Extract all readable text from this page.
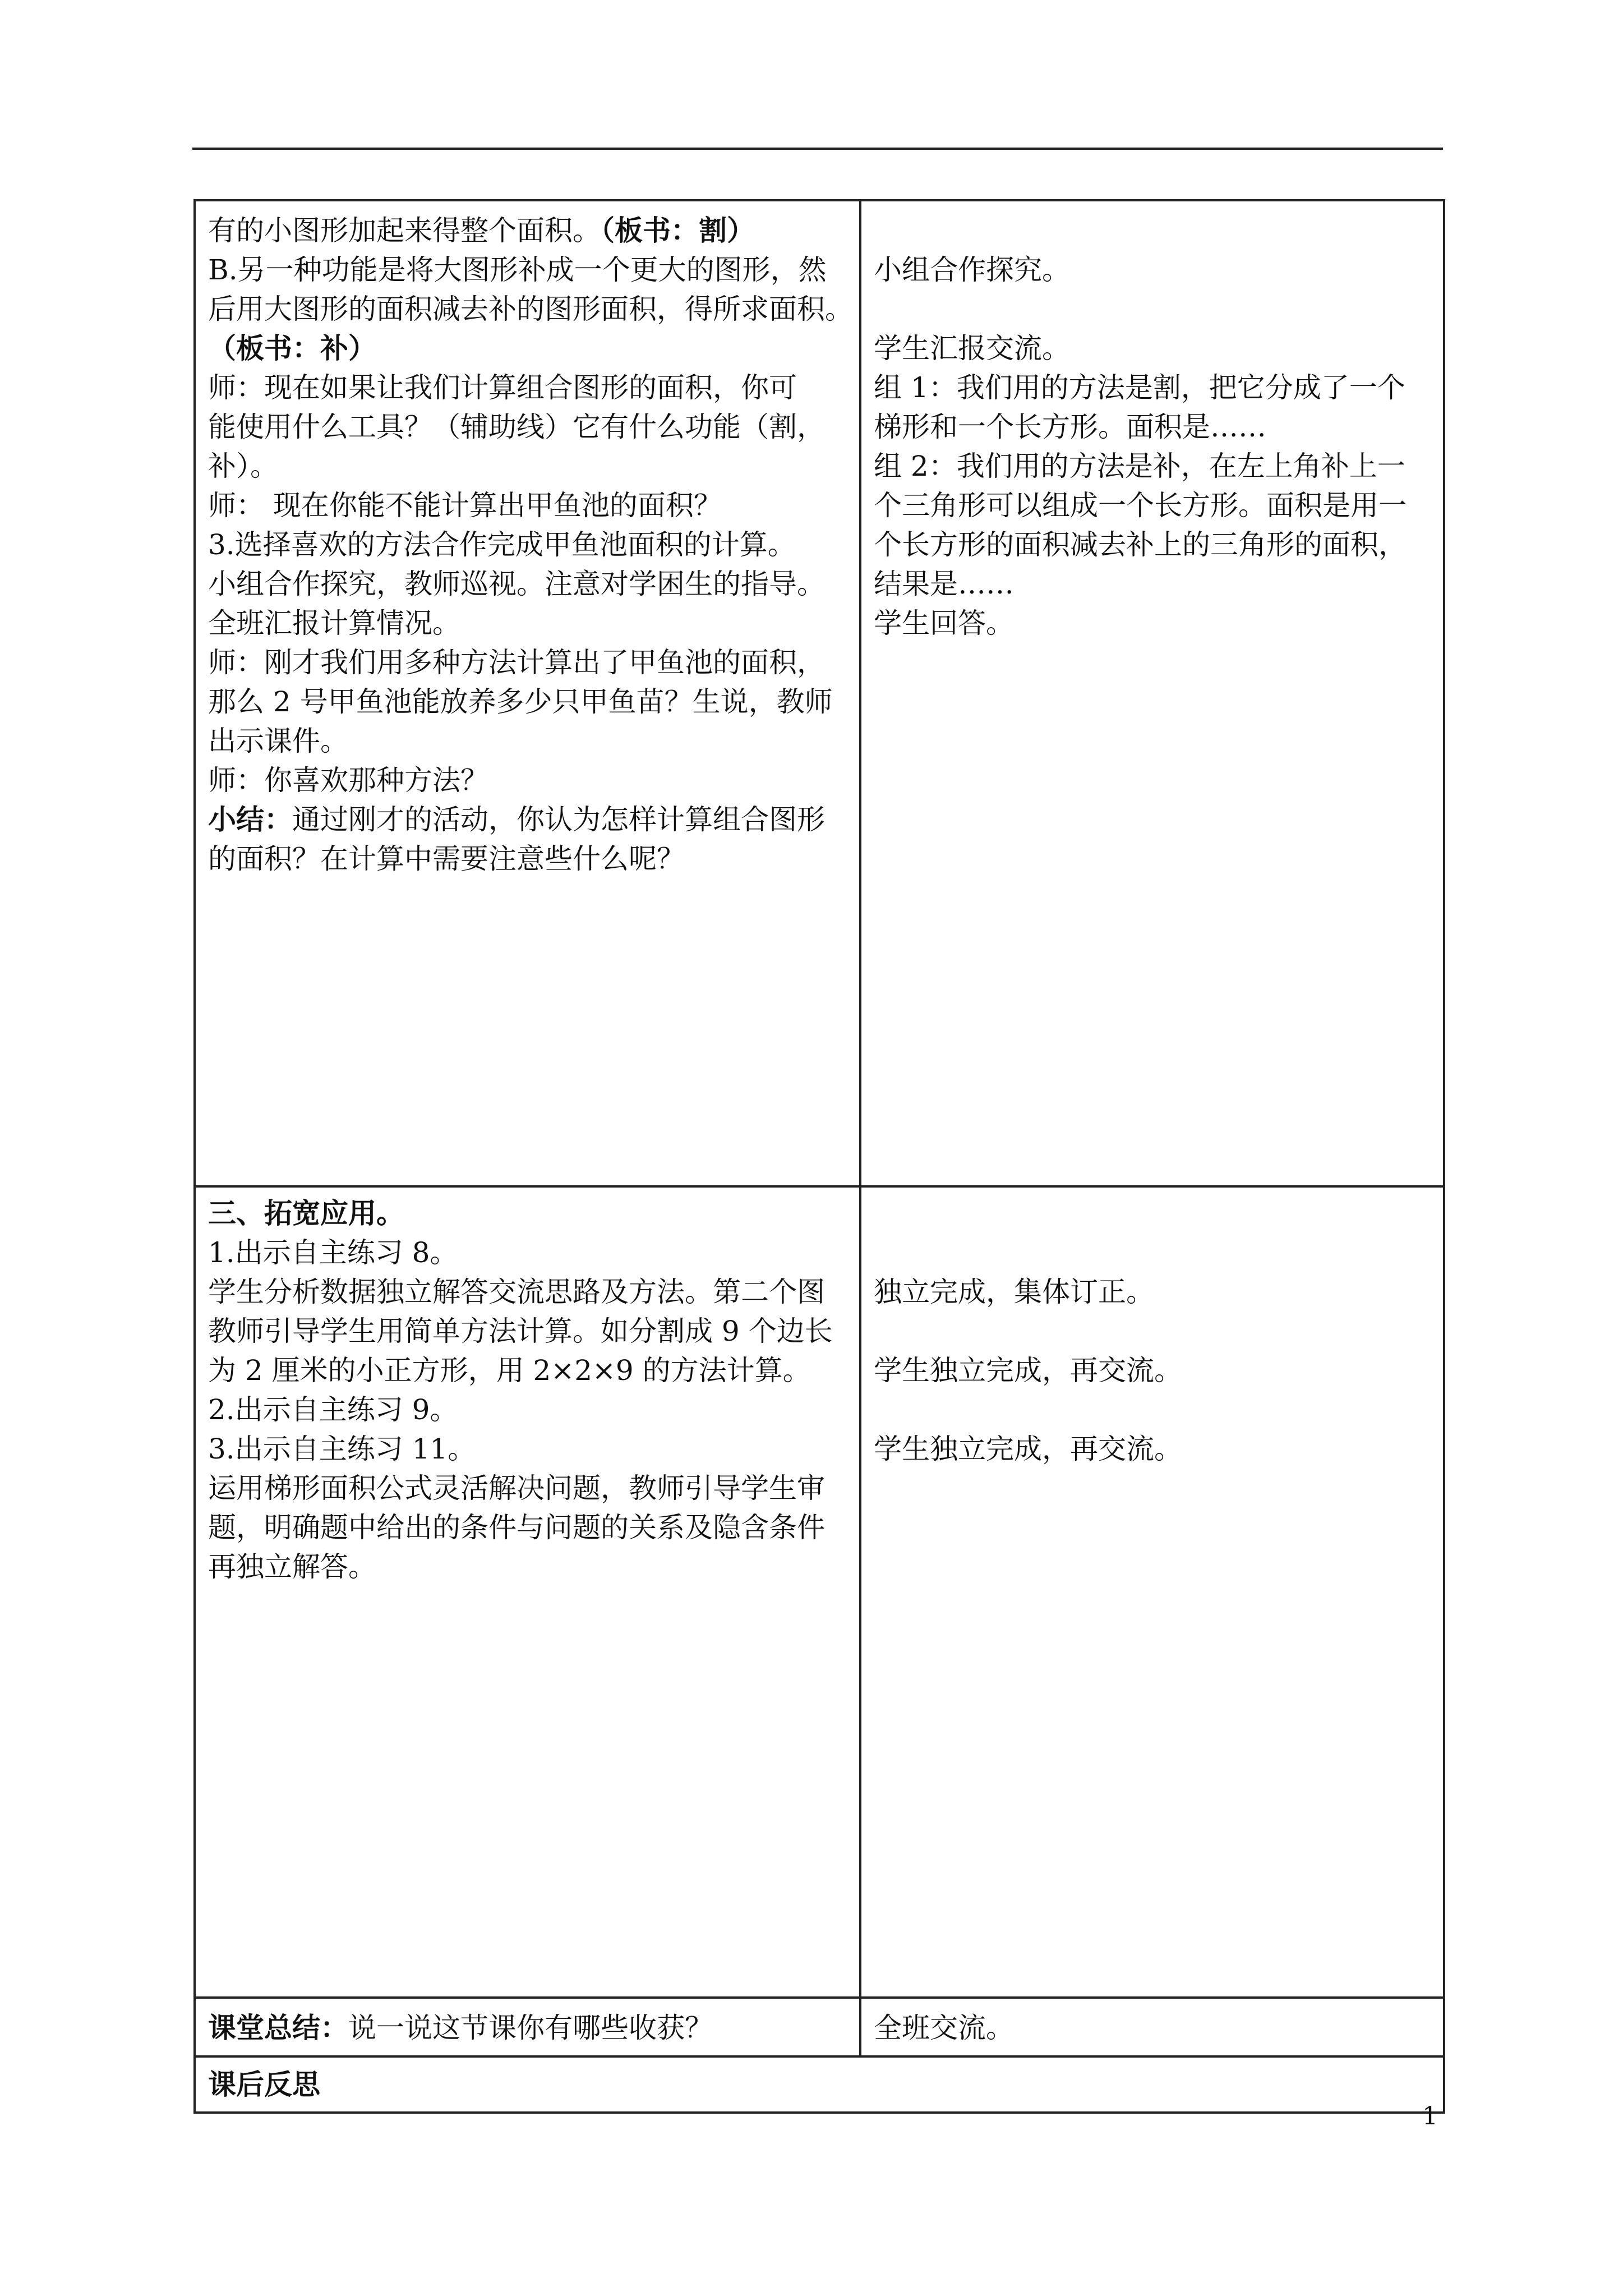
有的小图形加起来得整个面积。（板书：割）
B.另一种功能是将大图形补成一个更大的图形，然
后用大图形的面积减去补的图形面积，得所求面积。
（板书：补）
师：现在如果让我们计算组合图形的面积，你可
能使用什么工具？（辅助线）它有什么功能（割，
补）。
师： 现在你能不能计算出甲鱼池的面积？
3.选择喜欢的方法合作完成甲鱼池面积的计算。
小组合作探究，教师巡视。注意对学困生的指导。
全班汇报计算情况。
师：刚才我们用多种方法计算出了甲鱼池的面积，
那么 2 号甲鱼池能放养多少只甲鱼苗？生说，教师
出示课件。
师：你喜欢那种方法？
小结：通过刚才的活动，你认为怎样计算组合图形
的面积？在计算中需要注意些什么呢？
小组合作探究。
学生汇报交流。
组 1：我们用的方法是割，把它分成了一个
梯形和一个长方形。面积是……
组 2：我们用的方法是补，在左上角补上一
个三角形可以组成一个长方形。面积是用一
个长方形的面积减去补上的三角形的面积，
结果是……
学生回答。
三、拓宽应用。
1.出示自主练习 8。
学生分析数据独立解答交流思路及方法。第二个图
教师引导学生用简单方法计算。如分割成 9 个边长
为 2 厘米的小正方形，用 2×2×9 的方法计算。
2.出示自主练习 9。
3.出示自主练习 11。
运用梯形面积公式灵活解决问题，教师引导学生审
题，明确题中给出的条件与问题的关系及隐含条件
再独立解答。
独立完成，集体订正。
学生独立完成，再交流。
学生独立完成，再交流。
课堂总结：说一说这节课你有哪些收获？	全班交流。
课后反思
1
